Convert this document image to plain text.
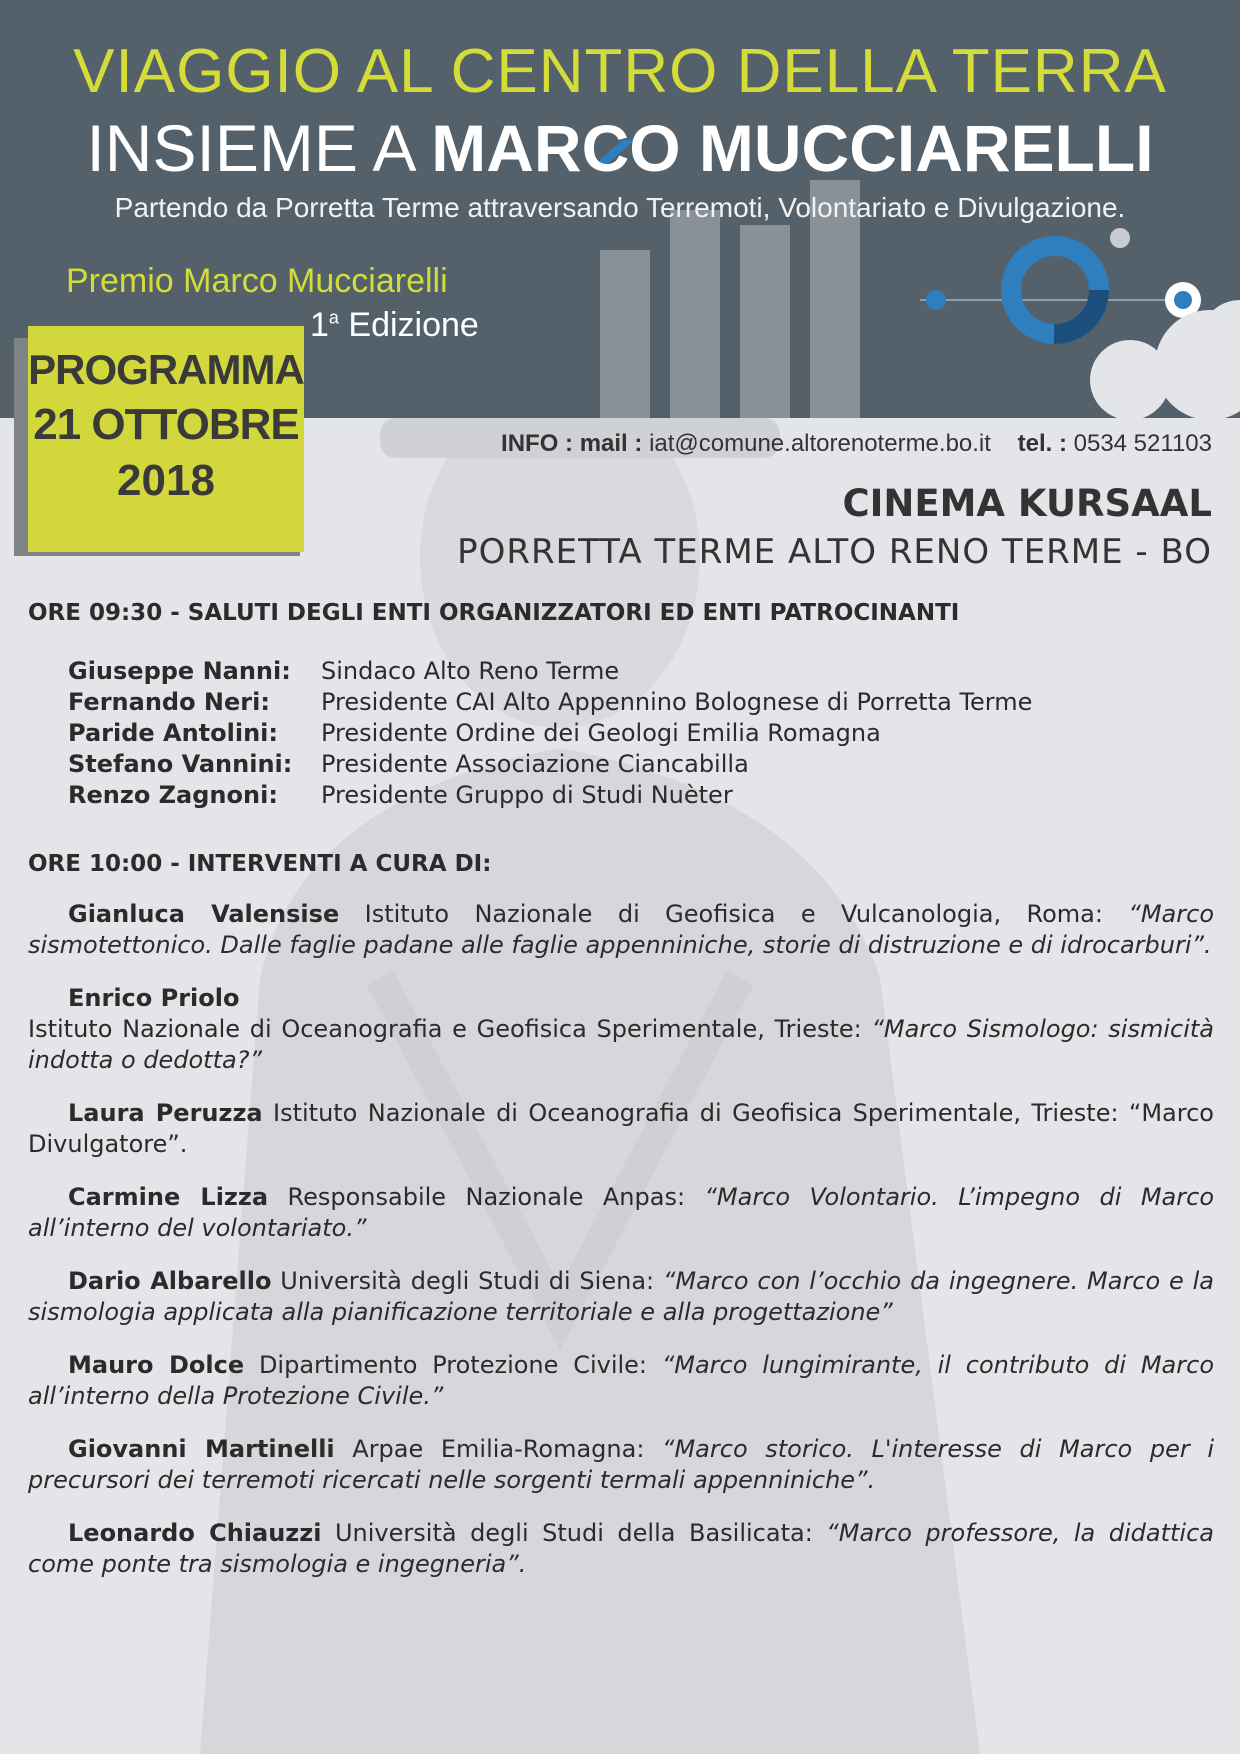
VIAGGIO AL CENTRO DELLA TERRA
INSIEME A MARCO MUCCIARELLI
Partendo da Porretta Terme attraversando Terremoti, Volontariato e Divulgazione.
Premio Marco Mucciarelli
1$^a$ Edizione
PROGRAMMA
21 OTTOBRE
2018
INFO : mail : iat@comune.altorenoterme.bo.it tel. : 0534 521103
CINEMA KURSAAL
PORRETTA TERME ALTO RENO TERME - BO
ORE 09:30 - SALUTI DEGLI ENTI ORGANIZZATORI ED ENTI PATROCINANTI
Giuseppe Nanni:	Sindaco Alto Reno Terme
Fernando Neri:	Presidente CAI Alto Appennino Bolognese di Porretta Terme
Paride Antolini:	Presidente Ordine dei Geologi Emilia Romagna
Stefano Vannini:	Presidente Associazione Ciancabilla
Renzo Zagnoni:	Presidente Gruppo di Studi Nuèter
ORE 10:00 - INTERVENTI A CURA DI:

Gianluca Valensise Istituto Nazionale di Geofisica e Vulcanologia, Roma: “Marco sismotettonico. Dalle faglie padane alle faglie appenniniche, storie di distruzione e di idrocarburi”.

Enrico Priolo
Istituto Nazionale di Oceanografia e Geofisica Sperimentale, Trieste: “Marco Sismologo: sismicità indotta o dedotta?”

Laura Peruzza Istituto Nazionale di Oceanografia di Geofisica Sperimentale, Trieste: “Marco Divulgatore”.

Carmine Lizza Responsabile Nazionale Anpas: “Marco Volontario. L’impegno di Marco all’interno del volontariato.”

Dario Albarello Università degli Studi di Siena: “Marco con l’occhio da ingegnere. Marco e la sismologia applicata alla pianificazione territoriale e alla progettazione”

Mauro Dolce Dipartimento Protezione Civile: “Marco lungimirante, il contributo di Marco all’interno della Protezione Civile.”

Giovanni Martinelli Arpae Emilia-Romagna: “Marco storico. L'interesse di Marco per i precursori dei terremoti ricercati nelle sorgenti termali appenniniche”.

Leonardo Chiauzzi Università degli Studi della Basilicata: “Marco professore, la didattica come ponte tra sismologia e ingegneria”.
